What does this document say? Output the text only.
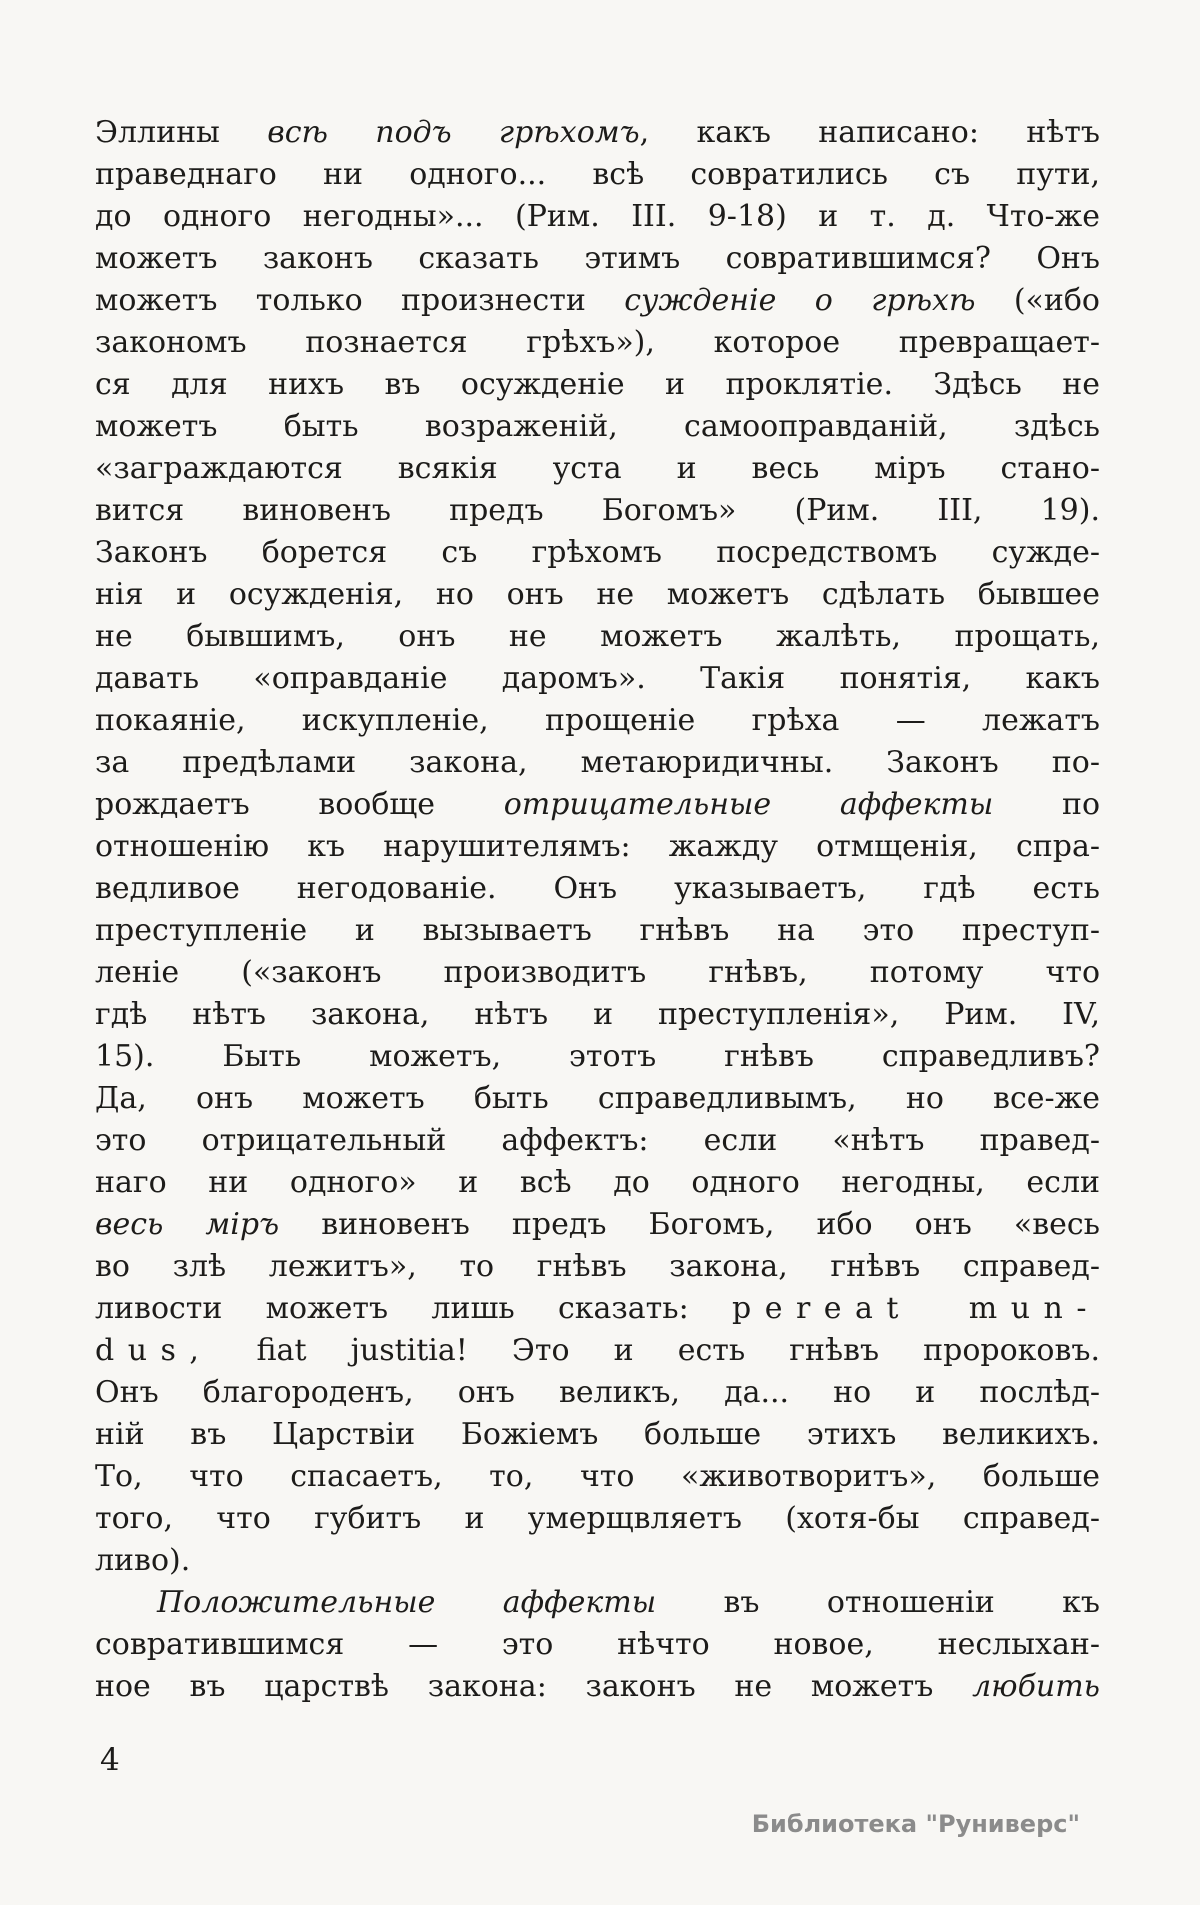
Эллины всѣ подъ грѣхомъ, какъ написано: нѣтъ
праведнаго ни одного... всѣ совратились съ пути,
до одного негодны»... (Рим. III. 9-18) и т. д. Что-же
можетъ законъ сказать этимъ совратившимся? Онъ
можетъ только произнести сужденіе о грѣхѣ («ибо
закономъ познается грѣхъ»), которое превращает-
ся для нихъ въ осужденіе и проклятіе. Здѣсь не
можетъ быть возраженій, самооправданій, здѣсь
«заграждаются всякія уста и весь міръ стано-
вится виновенъ предъ Богомъ» (Рим. III, 19).
Законъ борется съ грѣхомъ посредствомъ сужде-
нія и осужденія, но онъ не можетъ сдѣлать бывшее
не бывшимъ, онъ не можетъ жалѣть, прощать,
давать «оправданіе даромъ». Такія понятія, какъ
покаяніе, искупленіе, прощеніе грѣха — лежатъ
за предѣлами закона, метаюридичны. Законъ по-
рождаетъ вообще отрицательные аффекты по
отношенію къ нарушителямъ: жажду отмщенія, спра-
ведливое негодованіе. Онъ указываетъ, гдѣ есть
преступленіе и вызываетъ гнѣвъ на это преступ-
леніе («законъ производитъ гнѣвъ, потому что
гдѣ нѣтъ закона, нѣтъ и преступленія», Рим. IV,
15). Быть можетъ, этотъ гнѣвъ справедливъ?
Да, онъ можетъ быть справедливымъ, но все-же
это отрицательный аффектъ: если «нѣтъ правед-
наго ни одного» и всѣ до одного негодны, если
весь міръ виновенъ предъ Богомъ, ибо онъ «весь
во злѣ лежитъ», то гнѣвъ закона, гнѣвъ справед-
ливости можетъ лишь сказать: pereat mun-
dus, fiat justitia! Это и есть гнѣвъ пророковъ.
Онъ благороденъ, онъ великъ, да... но и послѣд-
ній въ Царствіи Божіемъ больше этихъ великихъ.
То, что спасаетъ, то, что «животворитъ», больше
того, что губитъ и умерщвляетъ (хотя-бы справед-
ливо).
Положительные аффекты въ отношеніи къ
совратившимся — это нѣчто новое, неслыхан-
ное въ царствѣ закона: законъ не можетъ любить
4
Библиотека "Руниверс"
